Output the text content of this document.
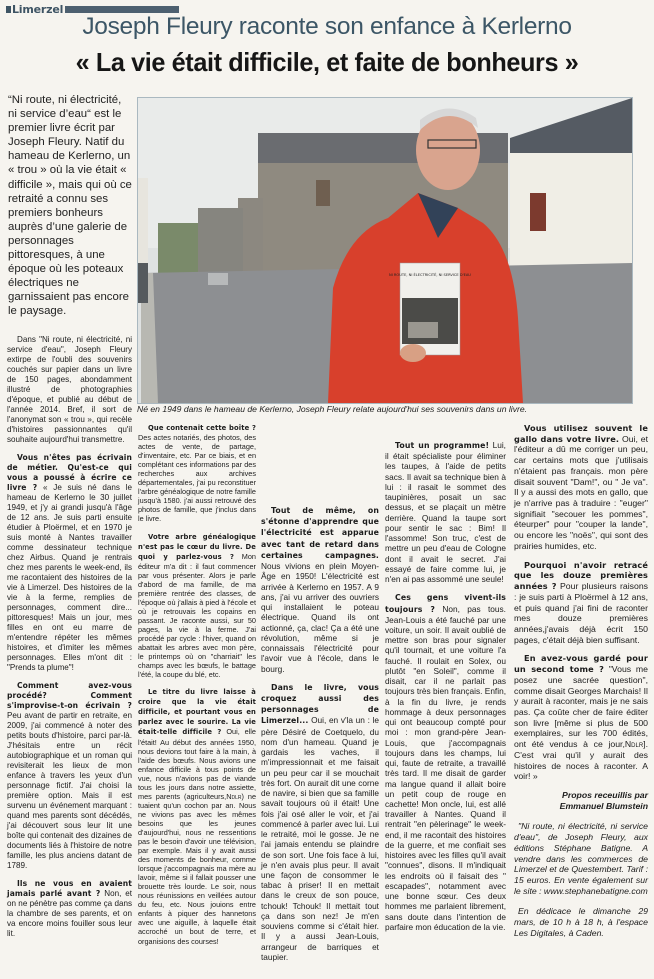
Limerzel
Joseph Fleury raconte son enfance à Kerlerno
« La vie était difficile, et faite de bonheurs »
“Ni route, ni électricité, ni service d’eau“ est le premier livre écrit par Joseph Fleury. Natif du hameau de Kerlerno, un « trou » où la vie était « difficile », mais qui où ce retraité a connu ses premiers bonheurs auprès d’une galerie de personnages pittoresques, à une époque où les poteaux électriques ne garnissaient pas encore le paysage.
NI ROUTE, NI ÉLECTRICITÉ, NI SERVICE D'EAU
Né en 1949 dans le hameau de Kerlerno, Joseph Fleury relate aujourd'hui ses souvenirs dans un livre.

Dans "Ni route, ni électricité, ni service d'eau", Joseph Fleury extirpe de l'oubli des souvenirs couchés sur papier dans un livre de 150 pages, abondamment illustré de photographies d'époque, et publié au début de l'année 2014. Bref, il sort de l'anonymat son « trou », qui recèle d'histoires passionnantes qu'il souhaite aujourd'hui transmettre.

Vous n'êtes pas écrivain de métier. Qu'est-ce qui vous a poussé à écrire ce livre ? « Je suis né dans le hameau de Kerlerno le 30 juillet 1949, et j'y ai grandi jusqu'à l'âge de 12 ans. Je suis parti ensuite étudier à Ploërmel, et en 1970 je suis monté à Nantes travailler comme dessinateur technique chez Airbus. Quand je rentrais chez mes parents le week-end, ils me racontaient des histoires de la vie à Limerzel. Des histoires de la vie à la ferme, remplies de personnages, comment dire... pittoresques! Mais un jour, mes filles en ont eu marre de m'entendre répéter les mêmes histoires, et d'imiter les mêmes personnages. Elles m'ont dit : "Prends ta plume"!

Comment avez-vous procédé? Comment s'improvise-t-on écrivain ? Peu avant de partir en retraite, en 2009, j'ai commencé à noter des petits bouts d'histoire, parci par-là. J'hésitais entre un récit autobiographique et un roman qui revisiterait les lieux de mon enfance à travers les yeux d'un personnage fictif. J'ai choisi la première option. Mais il est survenu un événement marquant : quand mes parents sont décédés, j'ai découvert sous leur lit une boîte qui contenait des dizaines de documents liés à l'histoire de notre famille, les plus anciens datant de 1789.

Ils ne vous en avaient jamais parlé avant ? Non, et on ne pénètre pas comme ça dans la chambre de ses parents, et on va encore moins fouiller sous leur lit.

Que contenait cette boîte ? Des actes notariés, des photos, des actes de vente, de partage, d'inventaire, etc. Par ce biais, et en complétant ces informations par des recherches aux archives départementales, j'ai pu reconstituer l'arbre généalogique de notre famille jusqu'à 1580. j'ai aussi retrouvé des photos de famille, que j'inclus dans le livre.

Votre arbre généalogique n'est pas le cœur du livre. De quoi y parlez-vous ? Mon éditeur m'a dit : il faut commencer par vous présenter. Alors je parle d'abord de ma famille, de ma première rentrée des classes, de l'époque où j'allais à pied à l'école et où je retrouvais les copains en passant. Je raconte aussi, sur 50 pages, la vie à la ferme. J'ai procédé par cycle : l'hiver, quand on abattait les arbres avec mon père, le printemps où on "charriait" les champs avec les bœufs, le battage l'été, la coupe du blé, etc.

Le titre du livre laisse à croire que la vie était difficile, et pourtant vous en parlez avec le sourire. La vie était-telle difficile ? Oui, elle l'était! Au début des années 1950, nous devions tout faire à la main, à l'aide des bœufs. Nous avions une enfance difficile à tous points de vue, nous n'avions pas de viande tous les jours dans notre assiette, mes parents (agriculteurs,Ndlr) ne tuaient qu'un cochon par an. Nous ne vivions pas avec les mêmes besoins que les jeunes d'aujourd'hui, nous ne ressentions pas le besoin d'avoir une télévision, par exemple. Mais il y avait aussi des moments de bonheur, comme lorsque j'accompagnais ma mère au lavoir, même si il fallait pousser une brouette très lourde. Le soir, nous nous réunissions en veillées autour du feu, etc. Nous jouions entre enfants à piquer des hannetons avec une aiguille, à laquelle était accroché un bout de terre, et organisions des courses!

Tout de même, on s'étonne d'apprendre que l'électricité est apparue avec tant de retard dans certaines campagnes. Nous vivions en plein Moyen-Âge en 1950! L'électricité est arrivée à Kerlerno en 1957. A 9 ans, j'ai vu arriver des ouvriers qui installaient le poteau électrique. Quand ils ont actionné, ça, clac! Ça a été une révolution, même si je connaissais l'électricité pour l'avoir vue à l'école, dans le bourg.

Dans le livre, vous croquez aussi des personnages de Limerzel... Oui, en v'la un : le père Désiré de Coetquelo, du nom d'un hameau. Quand je gardais les vaches, il m'impressionnait et me faisait un peu peur car il se mouchait très fort. On aurait dit une corne de navire, si bien que sa famille savait toujours où il était! Une fois j'ai osé aller le voir, et j'ai commencé à parler avec lui. Lui le retraité, moi le gosse. Je ne l'ai jamais entendu se plaindre de son sort. Une fois face à lui, je n'en avais plus peur. Il avait une façon de consommer le tabac à priser! Il en mettait dans le creux de son pouce, tchouk! Tchouk! Il mettait tout ça dans son nez! Je m'en souviens comme si c'était hier. Il y a aussi Jean-Louis, arrangeur de barriques et taupier.

Tout un programme! Lui, il était spécialiste pour éliminer les taupes, à l'aide de petits sacs. Il avait sa technique bien à lui : il rasait le sommet des taupinières, posait un sac dessus, et se plaçait un mètre derrière. Quand la taupe sort pour sentir le sac : Bim! Il l'assomme! Son truc, c'est de mettre un peu d'eau de Cologne dont il avait le secret. J'ai essayé de faire comme lui, je n'en ai pas assommé une seule!

Ces gens vivent-ils toujours ? Non, pas tous. Jean-Louis a été fauché par une voiture, un soir. Il avait oublié de mettre son bras pour signaler qu'il tournait, et une voiture l'a fauché. Il roulait en Solex, ou plutôt "en Soleil", comme il disait, car il ne parlait pas toujours très bien français. Enfin, à la fin du livre, je rends hommage à deux personnages qui ont beaucoup compté pour moi : mon grand-père Jean-Louis, que j'accompagnais toujours dans les champs, lui qui, faute de retraite, a travaillé très tard. Il me disait de garder ma langue quand il allait boire un petit coup de rouge en cachette! Mon oncle, lui, est allé travailler à Nantes. Quand il rentrait "en pèlerinage" le week-end, il me racontait des histoires de la guerre, et me confiait ses histoires avec les filles qu'il avait "connues", disons. Il m'indiquait les endroits où il faisait des " escapades", notamment avec une bonne sœur. Ces deux hommes me parlaient librement, sans doute dans l'intention de parfaire mon éducation de la vie.

Vous utilisez souvent le gallo dans votre livre. Oui, et l'éditeur a dû me corriger un peu, car certains mots que j'utilisais n'étaient pas français. mon père disait souvent "Dam!", ou " Je va". Il y a aussi des mots en gallo, que je n'arrive pas à traduire : "euger" signifiait "secouer les pommes", éteurper" pour "couper la lande", ou encore les "noës", qui sont des prairies humides, etc.

Pourquoi n'avoir retracé que les douze premières années ? Pour plusieurs raisons : je suis parti à Ploërmel à 12 ans, et puis quand j'ai fini de raconter mes douze premières années,j'avais déjà écrit 150 pages, c'était déjà bien suffisant.

En avez-vous gardé pour un second tome ? "Vous me posez une sacrée question", comme disait Georges Marchais! Il y aurait à raconter, mais je ne sais pas. Ça coûte cher de faire éditer son livre [même si plus de 500 exemplaires, sur les 700 édités, ont été vendus à ce jour,Ndlr]. C'est vrai qu'il y aurait des histoires de noces à raconter. A voir! »

Propos receuillis par
Emmanuel Blumstein
"Ni route, ni électricité, ni service d'eau", de Joseph Fleury, aux éditions Stéphane Batigne. A vendre dans les commerces de Limerzel et de Questembert. Tarif : 15 euros. En vente également sur le site : www.stephanebatigne.com
En dédicace le dimanche 29 mars, de 10 h à 18 h, à l'espace Les Digitales, à Caden.
